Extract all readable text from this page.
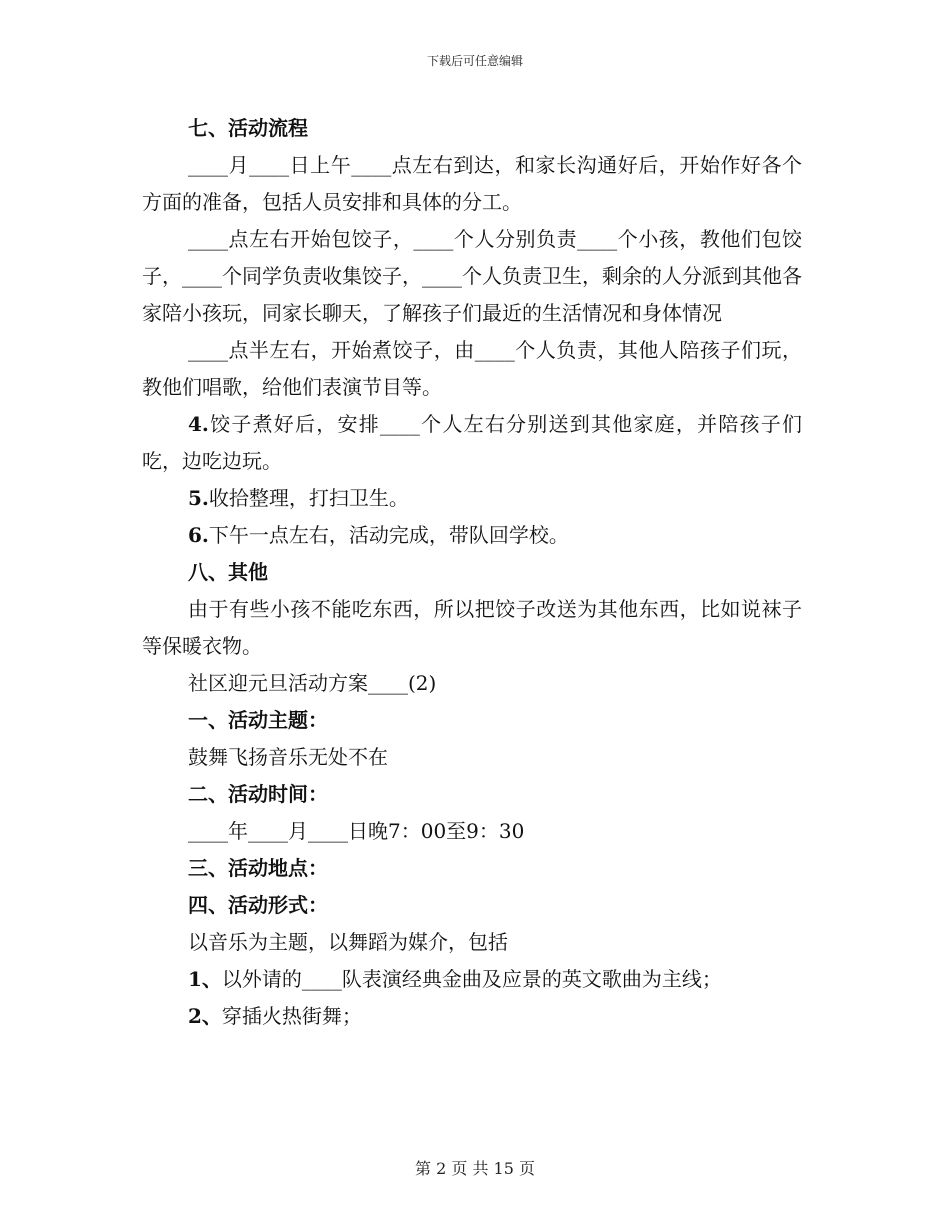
下载后可任意编辑
七、活动流程
____月____日上午____点左右到达，和家长沟通好后，开始作好各个方面的准备，包括人员安排和具体的分工。
____点左右开始包饺子，____个人分别负责____个小孩，教他们包饺子，____个同学负责收集饺子，____个人负责卫生，剩余的人分派到其他各家陪小孩玩，同家长聊天，了解孩子们最近的生活情况和身体情况
____点半左右，开始煮饺子，由____个人负责，其他人陪孩子们玩，教他们唱歌，给他们表演节目等。
4.饺子煮好后，安排____个人左右分别送到其他家庭，并陪孩子们吃，边吃边玩。
5.收拾整理，打扫卫生。
6.下午一点左右，活动完成，带队回学校。
八、其他
由于有些小孩不能吃东西，所以把饺子改送为其他东西，比如说袜子等保暖衣物。
社区迎元旦活动方案____(2)
一、活动主题：
鼓舞飞扬音乐无处不在
二、活动时间：
____年____月____日晚7：00至9：30
三、活动地点：
四、活动形式：
以音乐为主题，以舞蹈为媒介，包括
1、以外请的____队表演经典金曲及应景的英文歌曲为主线；
2、穿插火热街舞；
第 2 页 共 15 页
